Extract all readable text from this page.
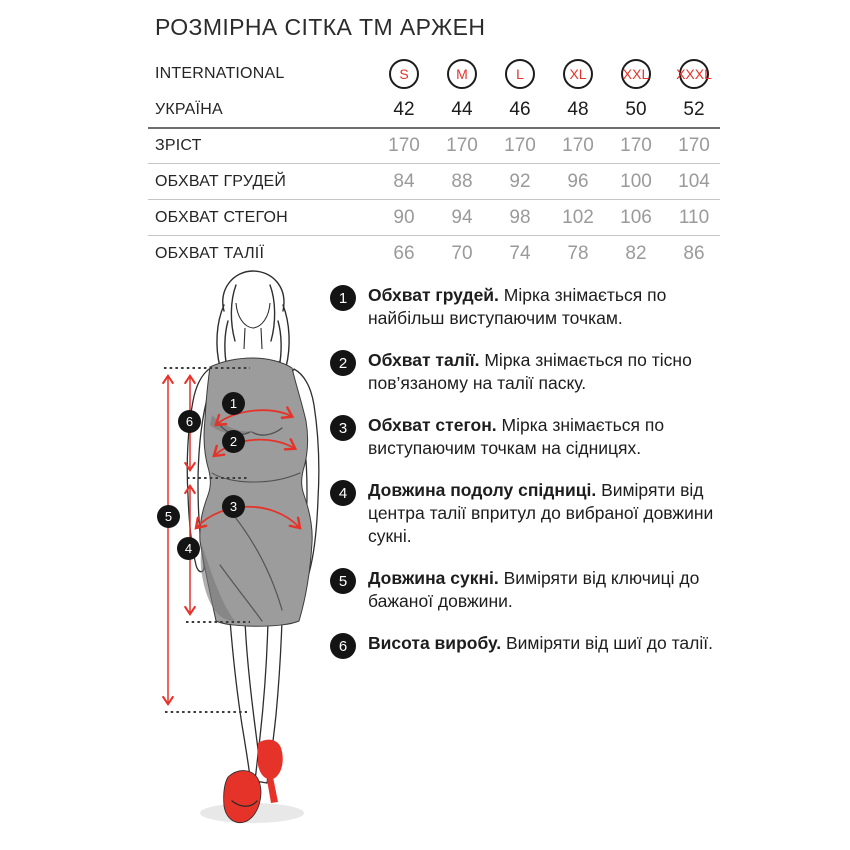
РОЗМІРНА СІТКА ТМ АРЖЕН
INTERNATIONAL	S	M	L	XL	XXL XXXL
УКРАЇНА	42	44	46	48	50	52
ЗРІСТ	170	170	170	170	170	170
ОБХВАТ ГРУДЕЙ	84	88	92	96	100	104
ОБХВАТ СТЕГОН	90	94	98	102	106	110
ОБХВАТ ТАЛІЇ	66	70	74	78	82	86
1
2
3
4
5
6
1	Обхват грудей. Мірка знімається по найбільш виступаючим точкам.

2	Обхват талії. Мірка знімається по тісно пов’язаному на талії паску.

3	Обхват стегон. Мірка знімається по виступаючим точкам на сідницях.

4	Довжина подолу спідниці. Виміряти від центра талії впритул до вибраної довжини сукні.

5	Довжина сукні. Виміряти від ключиці до бажаної довжини.

6	Висота виробу. Виміряти від шиї до талії.
